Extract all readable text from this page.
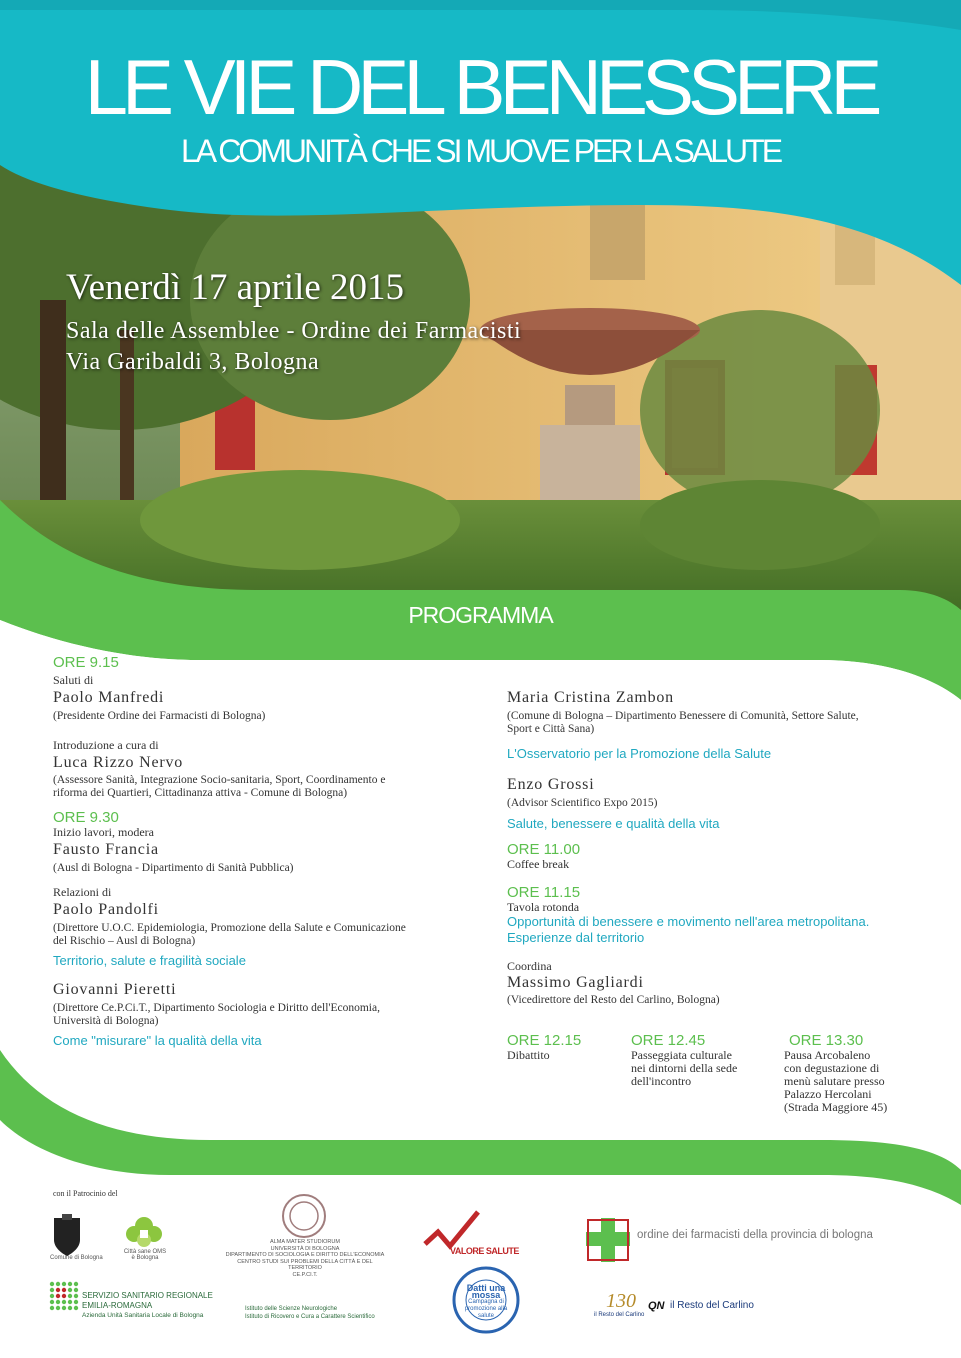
LE VIE DEL BENESSERE
LA COMUNITÀ CHE SI MUOVE PER LA SALUTE
Venerdì 17 aprile 2015
Sala delle Assemblee - Ordine dei Farmacisti
Via Garibaldi 3, Bologna
PROGRAMMA
ORE 9.15
Saluti di
Paolo Manfredi
(Presidente Ordine dei Farmacisti di Bologna)
Introduzione a cura di
Luca Rizzo Nervo
(Assessore Sanità, Integrazione Socio-sanitaria, Sport, Coordinamento e
riforma dei Quartieri, Cittadinanza attiva - Comune di Bologna)
ORE 9.30
Inizio lavori, modera
Fausto Francia
(Ausl di Bologna - Dipartimento di Sanità Pubblica)
Relazioni di
Paolo Pandolfi
(Direttore U.O.C. Epidemiologia, Promozione della Salute e Comunicazione
del Rischio – Ausl di Bologna)
Territorio, salute e fragilità sociale
Giovanni Pieretti
(Direttore Ce.P.Ci.T., Dipartimento Sociologia e Diritto dell'Economia,
Università di Bologna)
Come "misurare" la qualità della vita
Maria Cristina Zambon
(Comune di Bologna – Dipartimento Benessere di Comunità, Settore Salute,
Sport e Città Sana)
L'Osservatorio per la Promozione della Salute
Enzo Grossi
(Advisor Scientifico Expo 2015)
Salute, benessere e qualità della vita
ORE 11.00
Coffee break
ORE 11.15
Tavola rotonda
Opportunità di benessere e movimento nell'area metropolitana.
Esperienze dal territorio
Coordina
Massimo Gagliardi
(Vicedirettore del Resto del Carlino, Bologna)
ORE 12.15
Dibattito
ORE 12.45
Passeggiata culturale
nei dintorni della sede
dell'incontro
ORE 13.30
Pausa Arcobaleno
con degustazione di
menù salutare presso
Palazzo Hercolani
(Strada Maggiore 45)
con il Patrocinio del
Comune di Bologna
Città sane OMS
è Bologna
ALMA MATER STUDIORUM
UNIVERSITÀ DI BOLOGNA
DIPARTIMENTO DI SOCIOLOGIA E DIRITTO DELL'ECONOMIA
CENTRO STUDI SUI PROBLEMI DELLA CITTÀ E DEL TERRITORIO
CE.P.CI.T.
VALORE SALUTE
ordine dei farmacisti della provincia di bologna
SERVIZIO SANITARIO REGIONALE
EMILIA-ROMAGNA
Azienda Unità Sanitaria Locale di Bologna
Istituto delle Scienze Neurologiche
Istituto di Ricovero e Cura a Carattere Scientifico
Datti una mossa
Campagna di promozione alla salute
130
il Resto del Carlino
QN il Resto del Carlino
